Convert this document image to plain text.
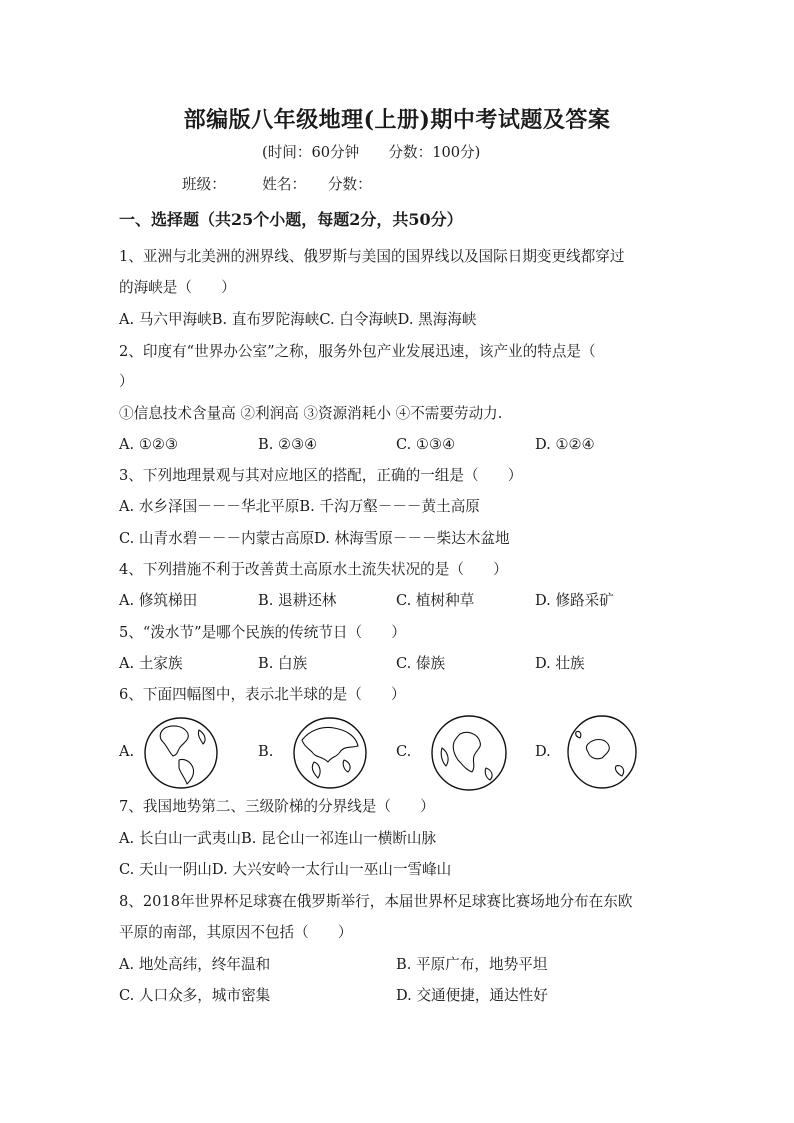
部编版八年级地理(上册)期中考试题及答案
(时间：60分钟　　分数：100分)
班级：　　　姓名：　　分数：
一、选择题（共25个小题，每题2分，共50分）
1、亚洲与北美洲的洲界线、俄罗斯与美国的国界线以及国际日期变更线都穿过
的海峡是（　　）
A. 马六甲海峡B. 直布罗陀海峡C. 白令海峡D. 黑海海峡
2、印度有“世界办公室”之称，服务外包产业发展迅速，该产业的特点是（
）
①信息技术含量高 ②利润高 ③资源消耗小 ④不需要劳动力.
A. ①②③	B. ②③④	C. ①③④	D. ①②④
3、下列地理景观与其对应地区的搭配，正确的一组是（　　）
A. 水乡泽国－－－华北平原B. 千沟万壑－－－黄土高原
C. 山青水碧－－－内蒙古高原D. 林海雪原－－－柴达木盆地
4、下列措施不利于改善黄土高原水土流失状况的是（　　）
A. 修筑梯田	B. 退耕还林	C. 植树种草	D. 修路采矿
5、“泼水节”是哪个民族的传统节日（　　）
A. 土家族	B. 白族	C. 傣族	D. 壮族
6、下面四幅图中，表示北半球的是（　　）
A.	B.	C.	D.
7、我国地势第二、三级阶梯的分界线是（　　）
A. 长白山一武夷山B. 昆仑山一祁连山一横断山脉
C. 天山一阴山D. 大兴安岭一太行山一巫山一雪峰山
8、2018年世界杯足球赛在俄罗斯举行，本届世界杯足球赛比赛场地分布在东欧
平原的南部，其原因不包括（　　）
A. 地处高纬，终年温和	B. 平原广布，地势平坦
C. 人口众多，城市密集	D. 交通便捷，通达性好
